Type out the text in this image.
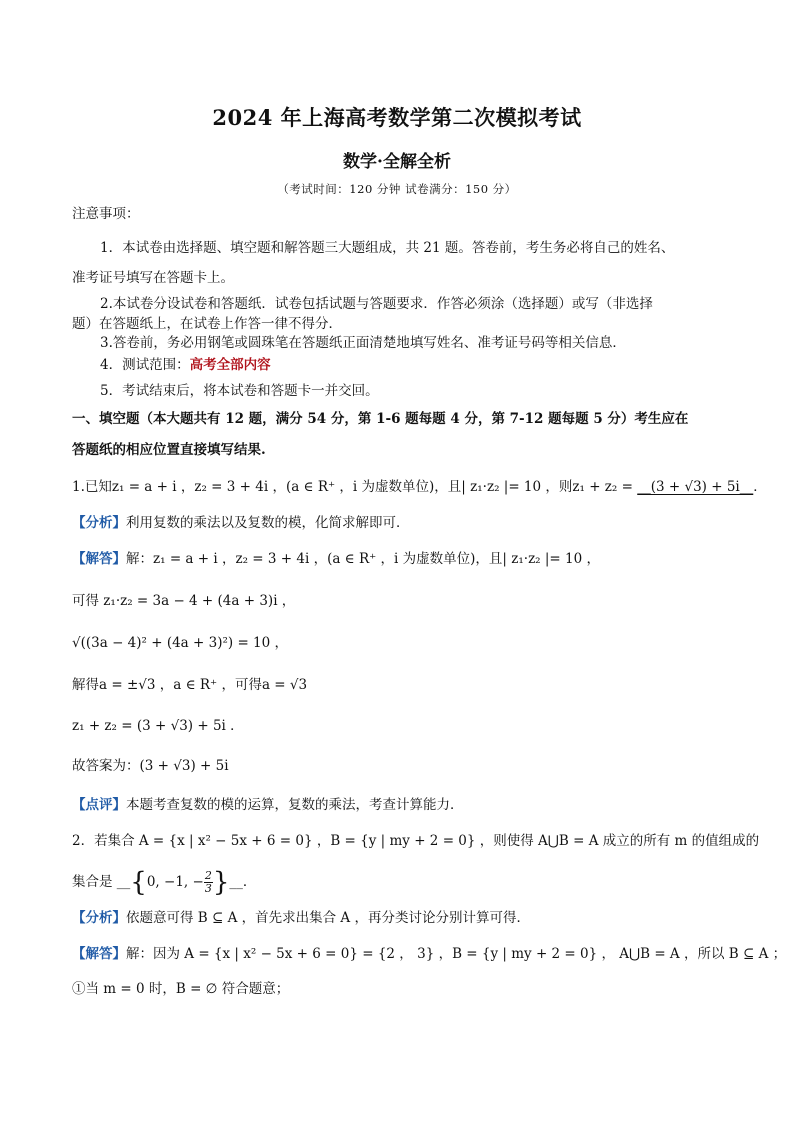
2024 年上海高考数学第二次模拟考试
数学·全解全析
（考试时间：120 分钟 试卷满分：150 分）
注意事项：
1．本试卷由选择题、填空题和解答题三大题组成，共 21 题。答卷前，考生务必将自己的姓名、
准考证号填写在答题卡上。
2.本试卷分设试卷和答题纸．试卷包括试题与答题要求．作答必须涂（选择题）或写（非选择
题）在答题纸上，在试卷上作答一律不得分．
3.答卷前，务必用钢笔或圆珠笔在答题纸正面清楚地填写姓名、准考证号码等相关信息．
4．测试范围：高考全部内容
5．考试结束后，将本试卷和答题卡一并交回。
一、填空题（本大题共有 12 题，满分 54 分，第 1-6 题每题 4 分，第 7-12 题每题 5 分）考生应在
答题纸的相应位置直接填写结果.
1.已知z₁ = a + i ，z₂ = 3 + 4i ，(a ∈ R⁺ ，i 为虚数单位)，且| z₁·z₂ |= 10 ，则z₁ + z₂ = __(3 + √3) + 5i__．
【分析】利用复数的乘法以及复数的模，化简求解即可．
【解答】解：z₁ = a + i ，z₂ = 3 + 4i ，(a ∈ R⁺ ，i 为虚数单位)，且| z₁·z₂ |= 10 ，
可得 z₁·z₂ = 3a − 4 + (4a + 3)i ，
√((3a − 4)² + (4a + 3)²) = 10 ，
解得a = ±√3 ，a ∈ R⁺ ，可得a = √3
z₁ + z₂ = (3 + √3) + 5i ．
故答案为：(3 + √3) + 5i
【点评】本题考查复数的模的运算，复数的乘法，考查计算能力．
2．若集合 A = {x | x² − 5x + 6 = 0} ，B = {y | my + 2 = 0} ，则使得 A⋃B = A 成立的所有 m 的值组成的
集合是 __{0, −1, − $\frac{2}{3}$ }__．
【分析】依题意可得 B ⊆ A ，首先求出集合 A ，再分类讨论分别计算可得．
【解答】解：因为 A = {x | x² − 5x + 6 = 0} = {2 ， 3} ，B = {y | my + 2 = 0} ， A⋃B = A ，所以 B ⊆ A ；
①当 m = 0 时，B = ∅ 符合题意；
